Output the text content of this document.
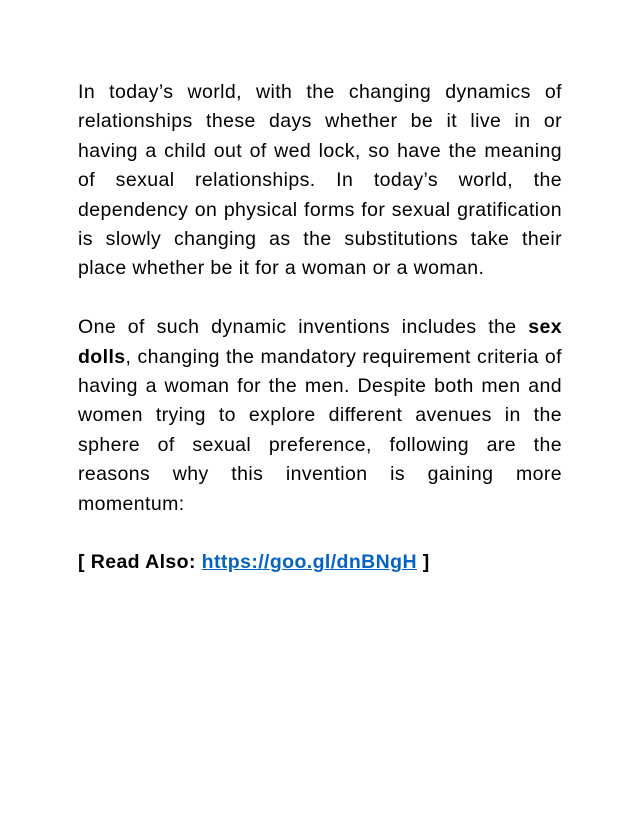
In today’s world, with the changing dynamics of relationships these days whether be it live in or having a child out of wed lock, so have the meaning of sexual relationships. In today’s world, the dependency on physical forms for sexual gratification is slowly changing as the substitutions take their place whether be it for a woman or a woman.

One of such dynamic inventions includes the sex dolls, changing the mandatory requirement criteria of having a woman for the men. Despite both men and women trying to explore different avenues in the sphere of sexual preference, following are the reasons why this invention is gaining more momentum:

[ Read Also: https://goo.gl/dnBNgH ]
